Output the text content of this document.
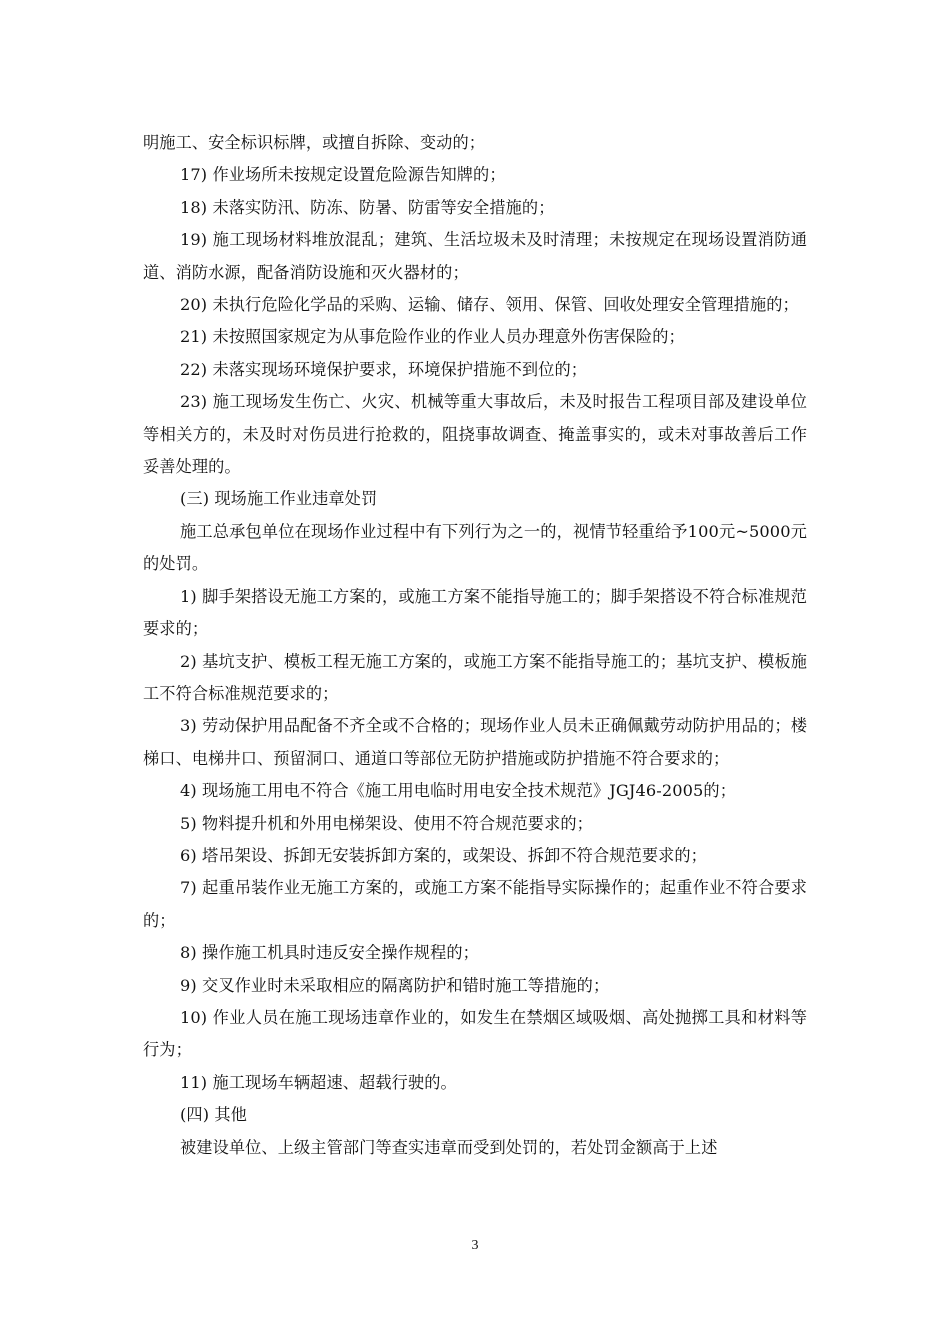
明施工、安全标识标牌，或擅自拆除、变动的；

17) 作业场所未按规定设置危险源告知牌的；

18) 未落实防汛、防冻、防暑、防雷等安全措施的；

19) 施工现场材料堆放混乱；建筑、生活垃圾未及时清理；未按规定在现场设置消防通道、消防水源，配备消防设施和灭火器材的；

20) 未执行危险化学品的采购、运输、储存、领用、保管、回收处理安全管理措施的；

21) 未按照国家规定为从事危险作业的作业人员办理意外伤害保险的；

22) 未落实现场环境保护要求，环境保护措施不到位的；

23) 施工现场发生伤亡、火灾、机械等重大事故后，未及时报告工程项目部及建设单位等相关方的，未及时对伤员进行抢救的，阻挠事故调查、掩盖事实的，或未对事故善后工作妥善处理的。

(三) 现场施工作业违章处罚

施工总承包单位在现场作业过程中有下列行为之一的，视情节轻重给予100元~5000元的处罚。

1) 脚手架搭设无施工方案的，或施工方案不能指导施工的；脚手架搭设不符合标准规范要求的；

2) 基坑支护、模板工程无施工方案的，或施工方案不能指导施工的；基坑支护、模板施工不符合标准规范要求的；

3) 劳动保护用品配备不齐全或不合格的；现场作业人员未正确佩戴劳动防护用品的；楼梯口、电梯井口、预留洞口、通道口等部位无防护措施或防护措施不符合要求的；

4) 现场施工用电不符合《施工用电临时用电安全技术规范》JGJ46-2005的；

5) 物料提升机和外用电梯架设、使用不符合规范要求的；

6) 塔吊架设、拆卸无安装拆卸方案的，或架设、拆卸不符合规范要求的；

7) 起重吊装作业无施工方案的，或施工方案不能指导实际操作的；起重作业不符合要求的；

8) 操作施工机具时违反安全操作规程的；

9) 交叉作业时未采取相应的隔离防护和错时施工等措施的；

10) 作业人员在施工现场违章作业的，如发生在禁烟区域吸烟、高处抛掷工具和材料等行为；

11) 施工现场车辆超速、超载行驶的。

(四) 其他

被建设单位、上级主管部门等查实违章而受到处罚的，若处罚金额高于上述

3
